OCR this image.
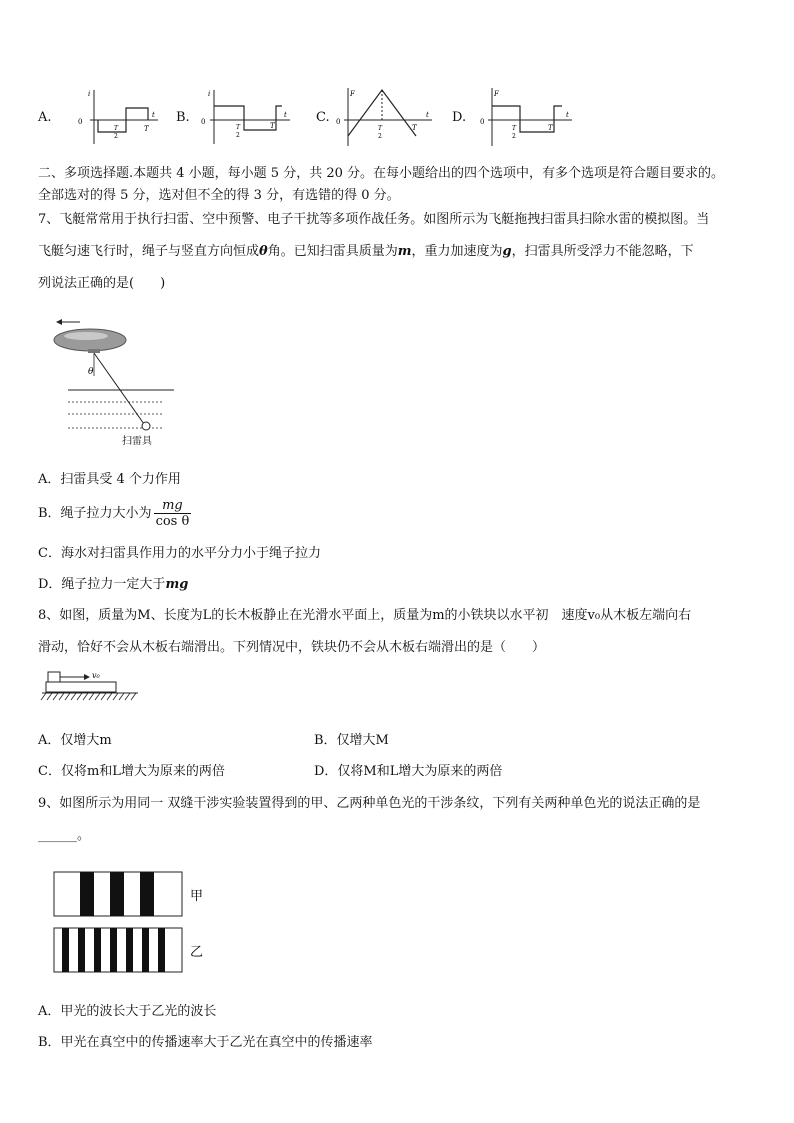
A.	B.	C.	D.
i
0
t
T
2
T
i
0
t
T
2
T
F
0
t
T
2
T
F
0
t
T
2
T
二、多项选择题.本题共 4 小题，每小题 5 分，共 20 分。在每小题给出的四个选项中，有多个选项是符合题目要求的。
全部选对的得 5 分，选对但不全的得 3 分，有选错的得 0 分。
7、飞艇常常用于执行扫雷、空中预警、电子干扰等多项作战任务。如图所示为飞艇拖拽扫雷具扫除水雷的模拟图。当
飞艇匀速飞行时，绳子与竖直方向恒成θ角。已知扫雷具质量为m，重力加速度为g，扫雷具所受浮力不能忽略，下
列说法正确的是(　　)
θ
扫雷具
A．扫雷具受 4 个力作用
B．绳子拉力大小为 $\frac{mg}{\text{cos θ}}$
C．海水对扫雷具作用力的水平分力小于绳子拉力
D．绳子拉力一定大于mg
8、如图，质量为M、长度为L的长木板静止在光滑水平面上，质量为m的小铁块以水平初　速度v₀从木板左端向右
滑动，恰好不会从木板右端滑出。下列情况中，铁块仍不会从木板右端滑出的是（　　）
v₀
A．仅增大m	B．仅增大M
C．仅将m和L增大为原来的两倍	D．仅将M和L增大为原来的两倍
9、如图所示为用同一 双缝干涉实验装置得到的甲、乙两种单色光的干涉条纹，下列有关两种单色光的说法正确的是
______。
甲
乙
A．甲光的波长大于乙光的波长
B．甲光在真空中的传播速率大于乙光在真空中的传播速率
